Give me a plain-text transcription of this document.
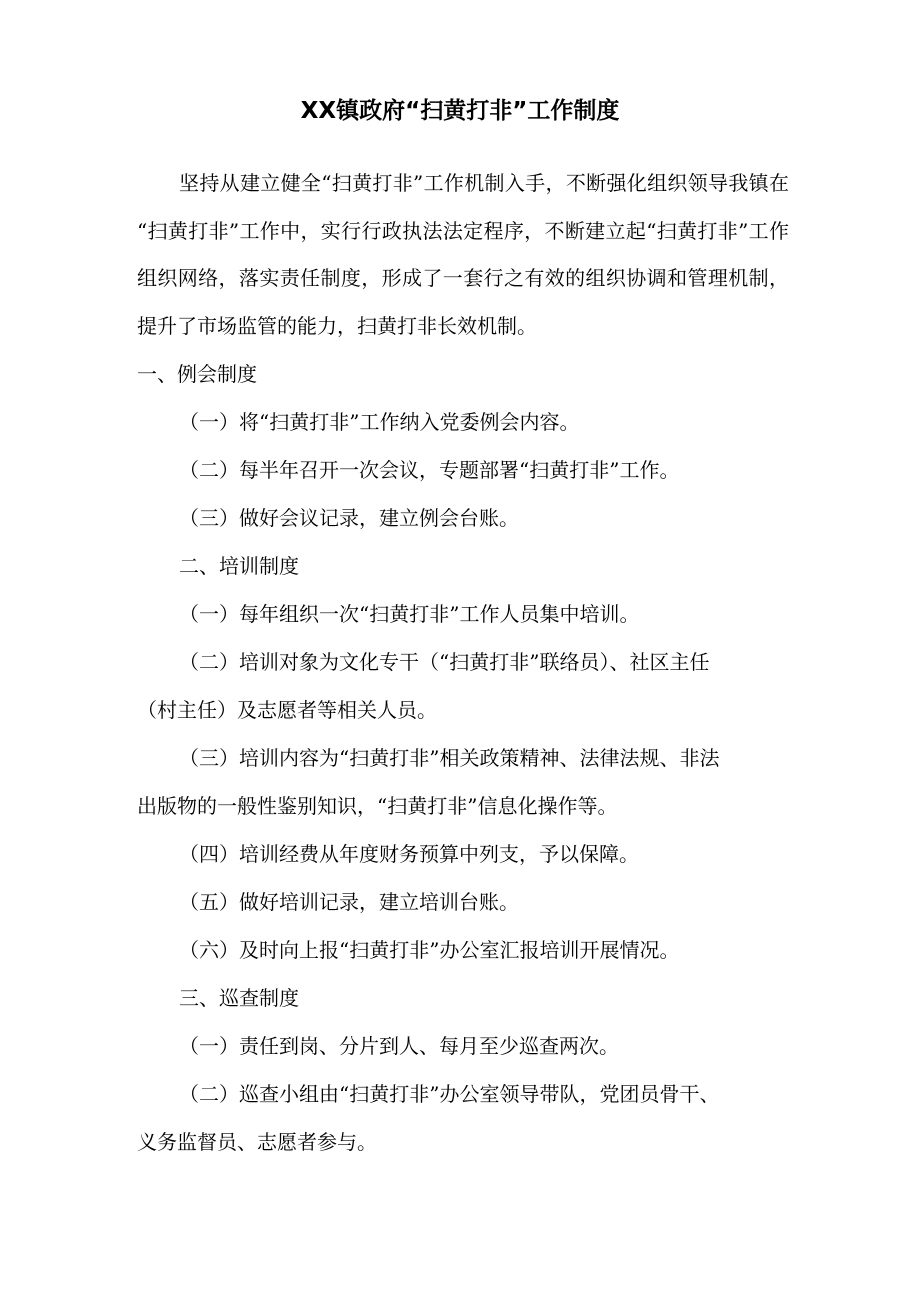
XX镇政府“扫黄打非”工作制度
坚持从建立健全“扫黄打非”工作机制入手，不断强化组织领导我镇在 “扫黄打非”工作中，实行行政执法法定程序，不断建立起“扫黄打非”工作组织网络，落实责任制度，形成了一套行之有效的组织协调和管理机制，提升了市场监管的能力，扫黄打非长效机制。
一、例会制度
（一）将“扫黄打非”工作纳入党委例会内容。
（二）每半年召开一次会议，专题部署“扫黄打非”工作。
（三）做好会议记录，建立例会台账。
二、培训制度
（一）每年组织一次“扫黄打非”工作人员集中培训。
（二）培训对象为文化专干（“扫黄打非”联络员）、社区主任
（村主任）及志愿者等相关人员。
（三）培训内容为“扫黄打非”相关政策精神、法律法规、非法
出版物的一般性鉴别知识，“扫黄打非”信息化操作等。
（四）培训经费从年度财务预算中列支，予以保障。
（五）做好培训记录，建立培训台账。
（六）及时向上报“扫黄打非”办公室汇报培训开展情况。
三、巡查制度
（一）责任到岗、分片到人、每月至少巡查两次。
（二）巡查小组由“扫黄打非”办公室领导带队，党团员骨干、
义务监督员、志愿者参与。
